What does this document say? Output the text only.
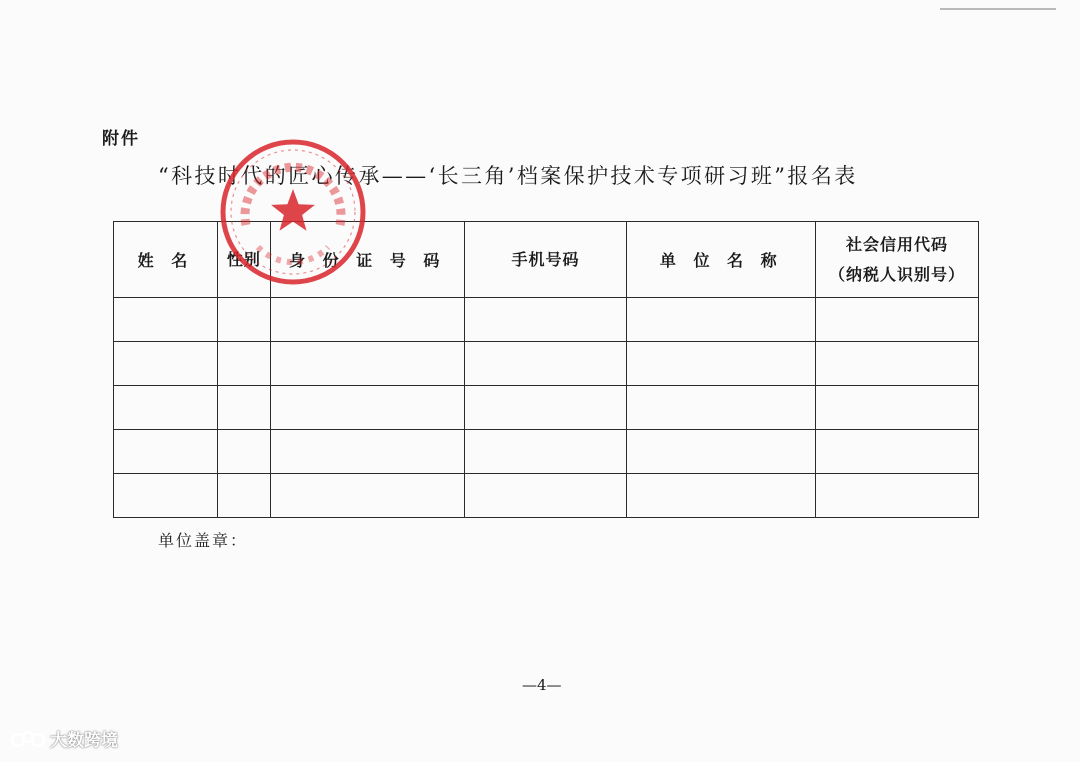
附件
“科技时代的匠心传承——‘长三角’档案保护技术专项研习班”报名表
姓 名	性别	身 份 证 号 码	手机号码	单 位 名 称	社会信用代码
（纳税人识别号）

单位盖章：
—4—
大数跨境
